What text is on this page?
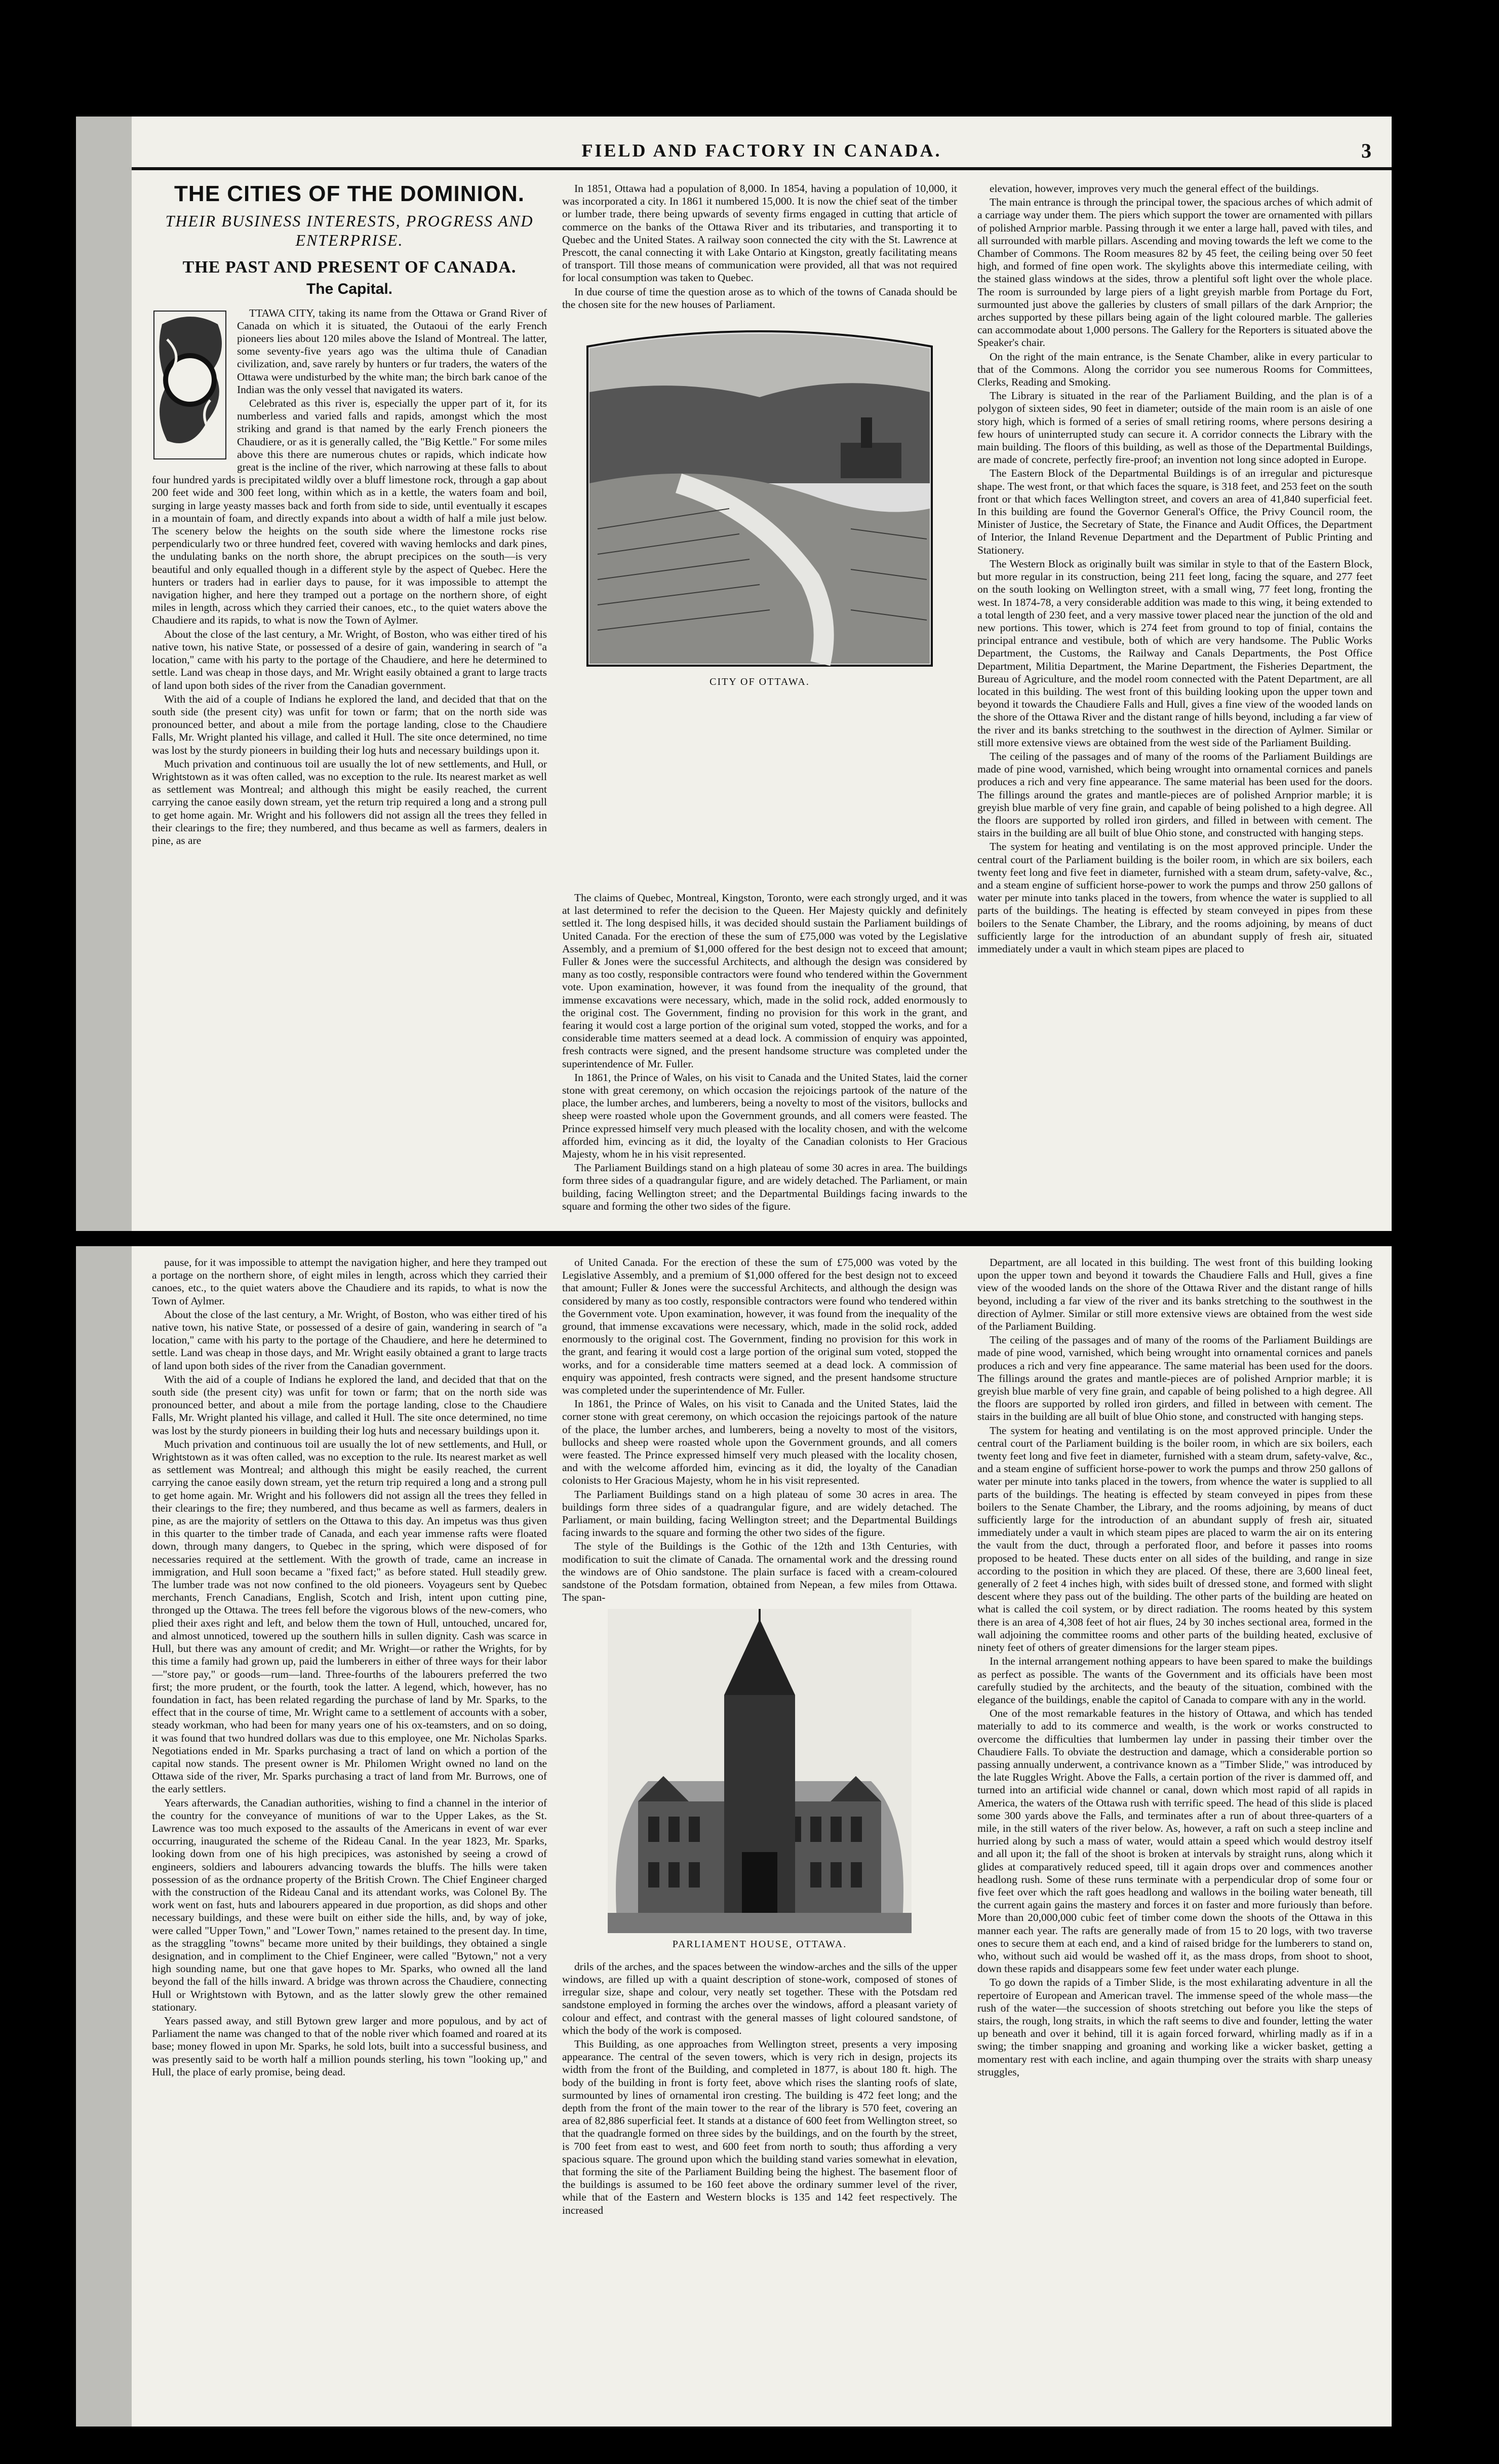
FIELD AND FACTORY IN CANADA.	3
THE CITIES OF THE DOMINION.
THEIR BUSINESS INTERESTS, PROGRESS AND ENTERPRISE.
THE PAST AND PRESENT OF CANADA.
The Capital.

TTAWA CITY, taking its name from the Ottawa or Grand River of Canada on which it is situated, the Outaoui of the early French pioneers lies about 120 miles above the Island of Montreal. The latter, some seventy-five years ago was the ultima thule of Canadian civilization, and, save rarely by hunters or fur traders, the waters of the Ottawa were undisturbed by the white man; the birch bark canoe of the Indian was the only vessel that navigated its waters.

Celebrated as this river is, especially the upper part of it, for its numberless and varied falls and rapids, amongst which the most striking and grand is that named by the early French pioneers the Chaudiere, or as it is generally called, the "Big Kettle." For some miles above this there are numerous chutes or rapids, which indicate how great is the incline of the river, which narrowing at these falls to about four hundred yards is precipitated wildly over a bluff limestone rock, through a gap about 200 feet wide and 300 feet long, within which as in a kettle, the waters foam and boil, surging in large yeasty masses back and forth from side to side, until eventually it escapes in a mountain of foam, and directly expands into about a width of half a mile just below. The scenery below the heights on the south side where the limestone rocks rise perpendicularly two or three hundred feet, covered with waving hemlocks and dark pines, the undulating banks on the north shore, the abrupt precipices on the south—is very beautiful and only equalled though in a different style by the aspect of Quebec. Here the hunters or traders had in earlier days to pause, for it was impossible to attempt the navigation higher, and here they tramped out a portage on the northern shore, of eight miles in length, across which they carried their canoes, etc., to the quiet waters above the Chaudiere and its rapids, to what is now the Town of Aylmer.

About the close of the last century, a Mr. Wright, of Boston, who was either tired of his native town, his native State, or possessed of a desire of gain, wandering in search of "a location," came with his party to the portage of the Chaudiere, and here he determined to settle. Land was cheap in those days, and Mr. Wright easily obtained a grant to large tracts of land upon both sides of the river from the Canadian government.

With the aid of a couple of Indians he explored the land, and decided that that on the south side (the present city) was unfit for town or farm; that on the north side was pronounced better, and about a mile from the portage landing, close to the Chaudiere Falls, Mr. Wright planted his village, and called it Hull. The site once determined, no time was lost by the sturdy pioneers in building their log huts and necessary buildings upon it.

Much privation and continuous toil are usually the lot of new settlements, and Hull, or Wrightstown as it was often called, was no exception to the rule. Its nearest market as well as settlement was Montreal; and although this might be easily reached, the current carrying the canoe easily down stream, yet the return trip required a long and a strong pull to get home again. Mr. Wright and his followers did not assign all the trees they felled in their clearings to the fire; they numbered, and thus became as well as farmers, dealers in pine, as are

In 1851, Ottawa had a population of 8,000. In 1854, having a population of 10,000, it was incorporated a city. In 1861 it numbered 15,000. It is now the chief seat of the timber or lumber trade, there being upwards of seventy firms engaged in cutting that article of commerce on the banks of the Ottawa River and its tributaries, and transporting it to Quebec and the United States. A railway soon connected the city with the St. Lawrence at Prescott, the canal connecting it with Lake Ontario at Kingston, greatly facilitating means of transport. Till those means of communication were provided, all that was not required for local consumption was taken to Quebec.

In due course of time the question arose as to which of the towns of Canada should be the chosen site for the new houses of Parliament.

CITY OF OTTAWA.

elevation, however, improves very much the general effect of the buildings.

The main entrance is through the principal tower, the spacious arches of which admit of a carriage way under them. The piers which support the tower are ornamented with pillars of polished Arnprior marble. Passing through it we enter a large hall, paved with tiles, and all surrounded with marble pillars. Ascending and moving towards the left we come to the Chamber of Commons. The Room measures 82 by 45 feet, the ceiling being over 50 feet high, and formed of fine open work. The skylights above this intermediate ceiling, with the stained glass windows at the sides, throw a plentiful soft light over the whole place. The room is surrounded by large piers of a light greyish marble from Portage du Fort, surmounted just above the galleries by clusters of small pillars of the dark Arnprior; the arches supported by these pillars being again of the light coloured marble. The galleries can accommodate about 1,000 persons. The Gallery for the Reporters is situated above the Speaker's chair.

On the right of the main entrance, is the Senate Chamber, alike in every particular to that of the Commons. Along the corridor you see numerous Rooms for Committees, Clerks, Reading and Smoking.

The Library is situated in the rear of the Parliament Building, and the plan is of a polygon of sixteen sides, 90 feet in diameter; outside of the main room is an aisle of one story high, which is formed of a series of small retiring rooms, where persons desiring a few hours of uninterrupted study can secure it. A corridor connects the Library with the main building. The floors of this building, as well as those of the Departmental Buildings, are made of concrete, perfectly fire-proof; an invention not long since adopted in Europe.

The Eastern Block of the Departmental Buildings is of an irregular and picturesque shape. The west front, or that which faces the square, is 318 feet, and 253 feet on the south front or that which faces Wellington street, and covers an area of 41,840 superficial feet. In this building are found the Governor General's Office, the Privy Council room, the Minister of Justice, the Secretary of State, the Finance and Audit Offices, the Department of Interior, the Inland Revenue Department and the Department of Public Printing and Stationery.

The Western Block as originally built was similar in style to that of the Eastern Block, but more regular in its construction, being 211 feet long, facing the square, and 277 feet on the south looking on Wellington street, with a small wing, 77 feet long, fronting the west. In 1874-78, a very considerable addition was made to this wing, it being extended to a total length of 230 feet, and a very massive tower placed near the junction of the old and new portions. This tower, which is 274 feet from ground to top of finial, contains the principal entrance and vestibule, both of which are very handsome. The Public Works Department, the Customs, the Railway and Canals Departments, the Post Office Department, Militia Department, the Marine Department, the Fisheries Department, the Bureau of Agriculture, and the model room connected with the Patent Department, are all located in this building. The west front of this building looking upon the upper town and beyond it towards the Chaudiere Falls and Hull, gives a fine view of the wooded lands on the shore of the Ottawa River and the distant range of hills beyond, including a far view of the river and its banks stretching to the southwest in the direction of Aylmer. Similar or still more extensive views are obtained from the west side of the Parliament Building.

The ceiling of the passages and of many of the rooms of the Parliament Buildings are made of pine wood, varnished, which being wrought into ornamental cornices and panels produces a rich and very fine appearance. The same material has been used for the doors. The fillings around the grates and mantle-pieces are of polished Arnprior marble; it is greyish blue marble of very fine grain, and capable of being polished to a high degree. All the floors are supported by rolled iron girders, and filled in between with cement. The stairs in the building are all built of blue Ohio stone, and constructed with hanging steps.

The system for heating and ventilating is on the most approved principle. Under the central court of the Parliament building is the boiler room, in which are six boilers, each twenty feet long and five feet in diameter, furnished with a steam drum, safety-valve, &c., and a steam engine of sufficient horse-power to work the pumps and throw 250 gallons of water per minute into tanks placed in the towers, from whence the water is supplied to all parts of the buildings. The heating is effected by steam conveyed in pipes from these boilers to the Senate Chamber, the Library, and the rooms adjoining, by means of duct sufficiently large for the introduction of an abundant supply of fresh air, situated immediately under a vault in which steam pipes are placed to

The claims of Quebec, Montreal, Kingston, Toronto, were each strongly urged, and it was at last determined to refer the decision to the Queen. Her Majesty quickly and definitely settled it. The long despised hills, it was decided should sustain the Parliament buildings of United Canada. For the erection of these the sum of £75,000 was voted by the Legislative Assembly, and a premium of $1,000 offered for the best design not to exceed that amount; Fuller & Jones were the successful Architects, and although the design was considered by many as too costly, responsible contractors were found who tendered within the Government vote. Upon examination, however, it was found from the inequality of the ground, that immense excavations were necessary, which, made in the solid rock, added enormously to the original cost. The Government, finding no provision for this work in the grant, and fearing it would cost a large portion of the original sum voted, stopped the works, and for a considerable time matters seemed at a dead lock. A commission of enquiry was appointed, fresh contracts were signed, and the present handsome structure was completed under the superintendence of Mr. Fuller.

In 1861, the Prince of Wales, on his visit to Canada and the United States, laid the corner stone with great ceremony, on which occasion the rejoicings partook of the nature of the place, the lumber arches, and lumberers, being a novelty to most of the visitors, bullocks and sheep were roasted whole upon the Government grounds, and all comers were feasted. The Prince expressed himself very much pleased with the locality chosen, and with the welcome afforded him, evincing as it did, the loyalty of the Canadian colonists to Her Gracious Majesty, whom he in his visit represented.

The Parliament Buildings stand on a high plateau of some 30 acres in area. The buildings form three sides of a quadrangular figure, and are widely detached. The Parliament, or main building, facing Wellington street; and the Departmental Buildings facing inwards to the square and forming the other two sides of the figure.

pause, for it was impossible to attempt the navigation higher, and here they tramped out a portage on the northern shore, of eight miles in length, across which they carried their canoes, etc., to the quiet waters above the Chaudiere and its rapids, to what is now the Town of Aylmer.

About the close of the last century, a Mr. Wright, of Boston, who was either tired of his native town, his native State, or possessed of a desire of gain, wandering in search of "a location," came with his party to the portage of the Chaudiere, and here he determined to settle. Land was cheap in those days, and Mr. Wright easily obtained a grant to large tracts of land upon both sides of the river from the Canadian government.

With the aid of a couple of Indians he explored the land, and decided that that on the south side (the present city) was unfit for town or farm; that on the north side was pronounced better, and about a mile from the portage landing, close to the Chaudiere Falls, Mr. Wright planted his village, and called it Hull. The site once determined, no time was lost by the sturdy pioneers in building their log huts and necessary buildings upon it.

Much privation and continuous toil are usually the lot of new settlements, and Hull, or Wrightstown as it was often called, was no exception to the rule. Its nearest market as well as settlement was Montreal; and although this might be easily reached, the current carrying the canoe easily down stream, yet the return trip required a long and a strong pull to get home again. Mr. Wright and his followers did not assign all the trees they felled in their clearings to the fire; they numbered, and thus became as well as farmers, dealers in pine, as are the majority of settlers on the Ottawa to this day. An impetus was thus given in this quarter to the timber trade of Canada, and each year immense rafts were floated down, through many dangers, to Quebec in the spring, which were disposed of for necessaries required at the settlement. With the growth of trade, came an increase in immigration, and Hull soon became a "fixed fact;" as before stated. Hull steadily grew. The lumber trade was not now confined to the old pioneers. Voyageurs sent by Quebec merchants, French Canadians, English, Scotch and Irish, intent upon cutting pine, thronged up the Ottawa. The trees fell before the vigorous blows of the new-comers, who plied their axes right and left, and below them the town of Hull, untouched, uncared for, and almost unnoticed, towered up the southern hills in sullen dignity. Cash was scarce in Hull, but there was any amount of credit; and Mr. Wright—or rather the Wrights, for by this time a family had grown up, paid the lumberers in either of three ways for their labor—"store pay," or goods—rum—land. Three-fourths of the labourers preferred the two first; the more prudent, or the fourth, took the latter. A legend, which, however, has no foundation in fact, has been related regarding the purchase of land by Mr. Sparks, to the effect that in the course of time, Mr. Wright came to a settlement of accounts with a sober, steady workman, who had been for many years one of his ox-teamsters, and on so doing, it was found that two hundred dollars was due to this employee, one Mr. Nicholas Sparks. Negotiations ended in Mr. Sparks purchasing a tract of land on which a portion of the capital now stands. The present owner is Mr. Philomen Wright owned no land on the Ottawa side of the river, Mr. Sparks purchasing a tract of land from Mr. Burrows, one of the early settlers.

Years afterwards, the Canadian authorities, wishing to find a channel in the interior of the country for the conveyance of munitions of war to the Upper Lakes, as the St. Lawrence was too much exposed to the assaults of the Americans in event of war ever occurring, inaugurated the scheme of the Rideau Canal. In the year 1823, Mr. Sparks, looking down from one of his high precipices, was astonished by seeing a crowd of engineers, soldiers and labourers advancing towards the bluffs. The hills were taken possession of as the ordnance property of the British Crown. The Chief Engineer charged with the construction of the Rideau Canal and its attendant works, was Colonel By. The work went on fast, huts and labourers appeared in due proportion, as did shops and other necessary buildings, and these were built on either side the hills, and, by way of joke, were called "Upper Town," and "Lower Town," names retained to the present day. In time, as the straggling "towns" became more united by their buildings, they obtained a single designation, and in compliment to the Chief Engineer, were called "Bytown," not a very high sounding name, but one that gave hopes to Mr. Sparks, who owned all the land beyond the fall of the hills inward. A bridge was thrown across the Chaudiere, connecting Hull or Wrightstown with Bytown, and as the latter slowly grew the other remained stationary.

Years passed away, and still Bytown grew larger and more populous, and by act of Parliament the name was changed to that of the noble river which foamed and roared at its base; money flowed in upon Mr. Sparks, he sold lots, built into a successful business, and was presently said to be worth half a million pounds sterling, his town "looking up," and Hull, the place of early promise, being dead.

of United Canada. For the erection of these the sum of £75,000 was voted by the Legislative Assembly, and a premium of $1,000 offered for the best design not to exceed that amount; Fuller & Jones were the successful Architects, and although the design was considered by many as too costly, responsible contractors were found who tendered within the Government vote. Upon examination, however, it was found from the inequality of the ground, that immense excavations were necessary, which, made in the solid rock, added enormously to the original cost. The Government, finding no provision for this work in the grant, and fearing it would cost a large portion of the original sum voted, stopped the works, and for a considerable time matters seemed at a dead lock. A commission of enquiry was appointed, fresh contracts were signed, and the present handsome structure was completed under the superintendence of Mr. Fuller.

In 1861, the Prince of Wales, on his visit to Canada and the United States, laid the corner stone with great ceremony, on which occasion the rejoicings partook of the nature of the place, the lumber arches, and lumberers, being a novelty to most of the visitors, bullocks and sheep were roasted whole upon the Government grounds, and all comers were feasted. The Prince expressed himself very much pleased with the locality chosen, and with the welcome afforded him, evincing as it did, the loyalty of the Canadian colonists to Her Gracious Majesty, whom he in his visit represented.

The Parliament Buildings stand on a high plateau of some 30 acres in area. The buildings form three sides of a quadrangular figure, and are widely detached. The Parliament, or main building, facing Wellington street; and the Departmental Buildings facing inwards to the square and forming the other two sides of the figure.

The style of the Buildings is the Gothic of the 12th and 13th Centuries, with modification to suit the climate of Canada. The ornamental work and the dressing round the windows are of Ohio sandstone. The plain surface is faced with a cream-coloured sandstone of the Potsdam formation, obtained from Nepean, a few miles from Ottawa. The span-

PARLIAMENT HOUSE, OTTAWA.

drils of the arches, and the spaces between the window-arches and the sills of the upper windows, are filled up with a quaint description of stone-work, composed of stones of irregular size, shape and colour, very neatly set together. These with the Potsdam red sandstone employed in forming the arches over the windows, afford a pleasant variety of colour and effect, and contrast with the general masses of light coloured sandstone, of which the body of the work is composed.

This Building, as one approaches from Wellington street, presents a very imposing appearance. The central of the seven towers, which is very rich in design, projects its width from the front of the Building, and completed in 1877, is about 180 ft. high. The body of the building in front is forty feet, above which rises the slanting roofs of slate, surmounted by lines of ornamental iron cresting. The building is 472 feet long; and the depth from the front of the main tower to the rear of the library is 570 feet, covering an area of 82,886 superficial feet. It stands at a distance of 600 feet from Wellington street, so that the quadrangle formed on three sides by the buildings, and on the fourth by the street, is 700 feet from east to west, and 600 feet from north to south; thus affording a very spacious square. The ground upon which the building stand varies somewhat in elevation, that forming the site of the Parliament Building being the highest. The basement floor of the buildings is assumed to be 160 feet above the ordinary summer level of the river, while that of the Eastern and Western blocks is 135 and 142 feet respectively. The increased

Department, are all located in this building. The west front of this building looking upon the upper town and beyond it towards the Chaudiere Falls and Hull, gives a fine view of the wooded lands on the shore of the Ottawa River and the distant range of hills beyond, including a far view of the river and its banks stretching to the southwest in the direction of Aylmer. Similar or still more extensive views are obtained from the west side of the Parliament Building.

The ceiling of the passages and of many of the rooms of the Parliament Buildings are made of pine wood, varnished, which being wrought into ornamental cornices and panels produces a rich and very fine appearance. The same material has been used for the doors. The fillings around the grates and mantle-pieces are of polished Arnprior marble; it is greyish blue marble of very fine grain, and capable of being polished to a high degree. All the floors are supported by rolled iron girders, and filled in between with cement. The stairs in the building are all built of blue Ohio stone, and constructed with hanging steps.

The system for heating and ventilating is on the most approved principle. Under the central court of the Parliament building is the boiler room, in which are six boilers, each twenty feet long and five feet in diameter, furnished with a steam drum, safety-valve, &c., and a steam engine of sufficient horse-power to work the pumps and throw 250 gallons of water per minute into tanks placed in the towers, from whence the water is supplied to all parts of the buildings. The heating is effected by steam conveyed in pipes from these boilers to the Senate Chamber, the Library, and the rooms adjoining, by means of duct sufficiently large for the introduction of an abundant supply of fresh air, situated immediately under a vault in which steam pipes are placed to warm the air on its entering the vault from the duct, through a perforated floor, and before it passes into rooms proposed to be heated. These ducts enter on all sides of the building, and range in size according to the position in which they are placed. Of these, there are 3,600 lineal feet, generally of 2 feet 4 inches high, with sides built of dressed stone, and formed with slight descent where they pass out of the building. The other parts of the building are heated on what is called the coil system, or by direct radiation. The rooms heated by this system there is an area of 4,308 feet of hot air flues, 24 by 30 inches sectional area, formed in the wall adjoining the committee rooms and other parts of the building heated, exclusive of ninety feet of others of greater dimensions for the larger steam pipes.

In the internal arrangement nothing appears to have been spared to make the buildings as perfect as possible. The wants of the Government and its officials have been most carefully studied by the architects, and the beauty of the situation, combined with the elegance of the buildings, enable the capitol of Canada to compare with any in the world.

One of the most remarkable features in the history of Ottawa, and which has tended materially to add to its commerce and wealth, is the work or works constructed to overcome the difficulties that lumbermen lay under in passing their timber over the Chaudiere Falls. To obviate the destruction and damage, which a considerable portion so passing annually underwent, a contrivance known as a "Timber Slide," was introduced by the late Ruggles Wright. Above the Falls, a certain portion of the river is dammed off, and turned into an artificial wide channel or canal, down which most rapid of all rapids in America, the waters of the Ottawa rush with terrific speed. The head of this slide is placed some 300 yards above the Falls, and terminates after a run of about three-quarters of a mile, in the still waters of the river below. As, however, a raft on such a steep incline and hurried along by such a mass of water, would attain a speed which would destroy itself and all upon it; the fall of the shoot is broken at intervals by straight runs, along which it glides at comparatively reduced speed, till it again drops over and commences another headlong rush. Some of these runs terminate with a perpendicular drop of some four or five feet over which the raft goes headlong and wallows in the boiling water beneath, till the current again gains the mastery and forces it on faster and more furiously than before. More than 20,000,000 cubic feet of timber come down the shoots of the Ottawa in this manner each year. The rafts are generally made of from 15 to 20 logs, with two traverse ones to secure them at each end, and a kind of raised bridge for the lumberers to stand on, who, without such aid would be washed off it, as the mass drops, from shoot to shoot, down these rapids and disappears some few feet under water each plunge.

To go down the rapids of a Timber Slide, is the most exhilarating adventure in all the repertoire of European and American travel. The immense speed of the whole mass—the rush of the water—the succession of shoots stretching out before you like the steps of stairs, the rough, long straits, in which the raft seems to dive and founder, letting the water up beneath and over it behind, till it is again forced forward, whirling madly as if in a swing; the timber snapping and groaning and working like a wicker basket, getting a momentary rest with each incline, and again thumping over the straits with sharp uneasy struggles,
